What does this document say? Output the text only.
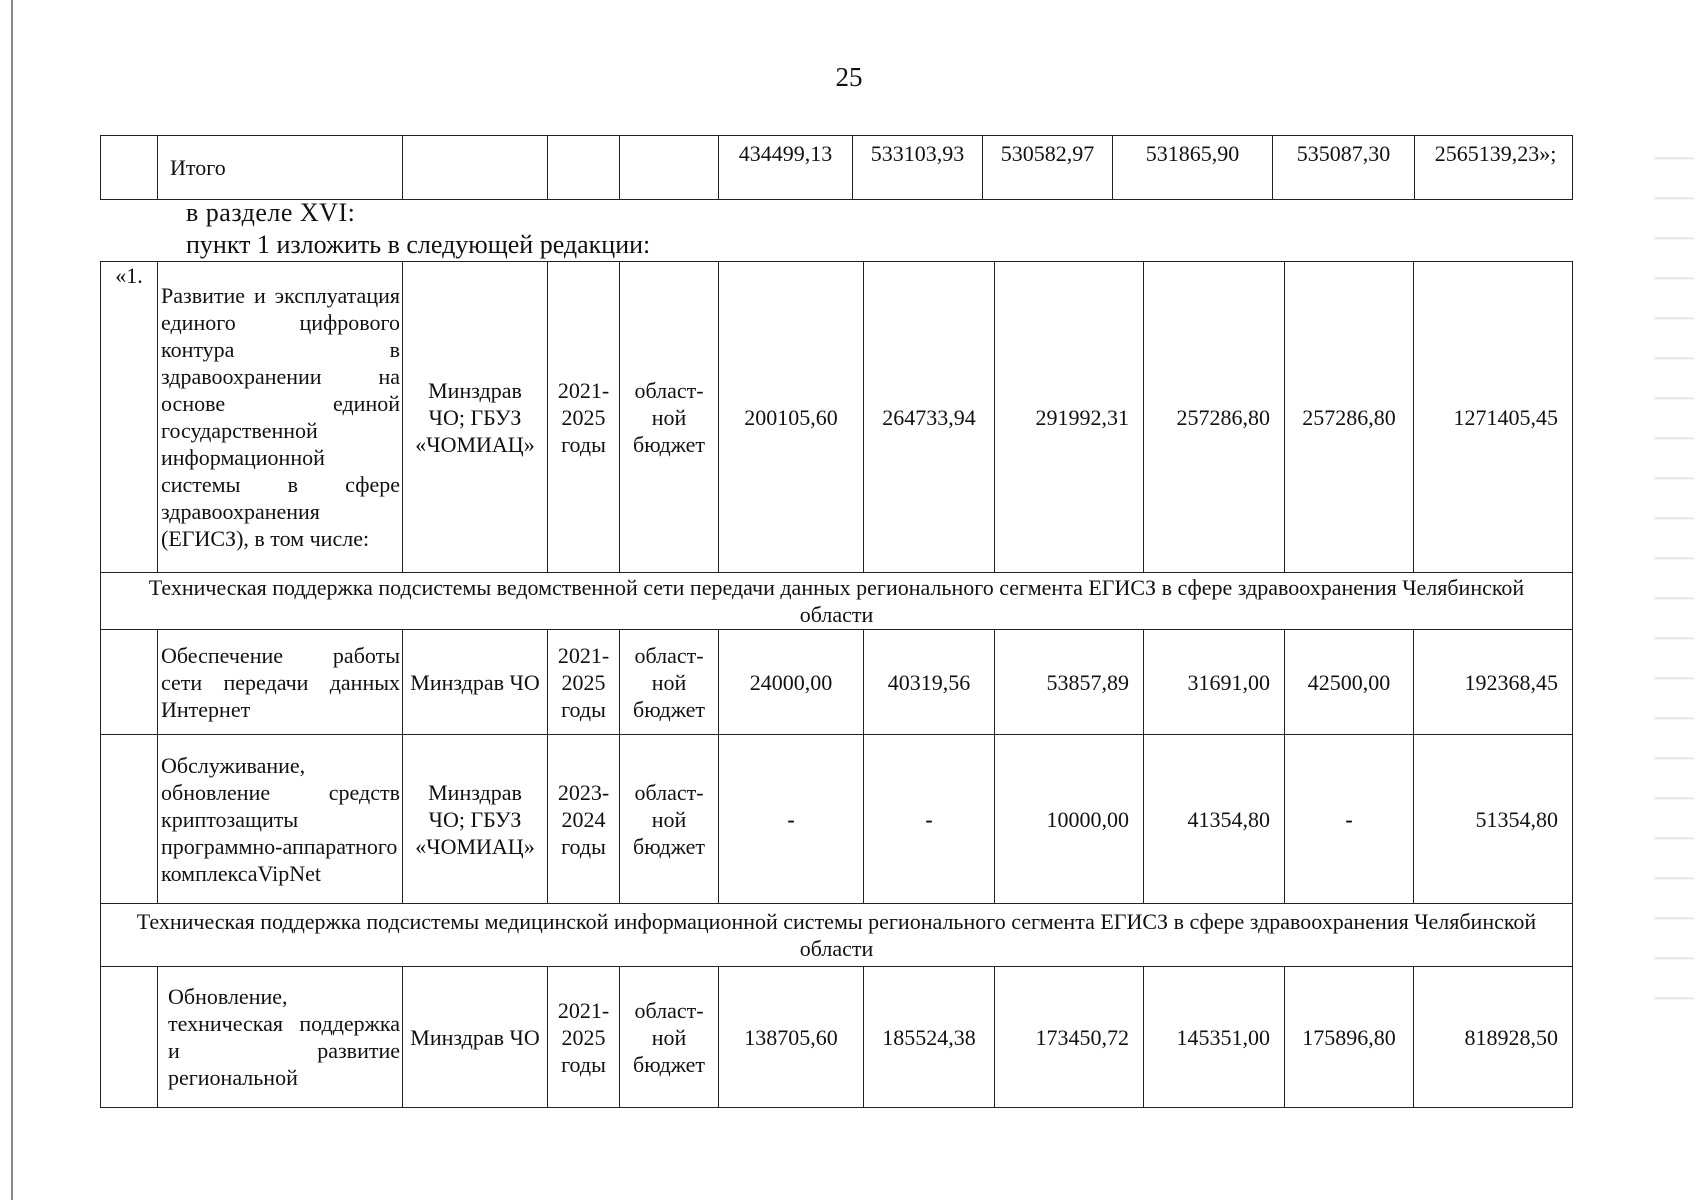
25
	Итого				434499,13	533103,93	530582,97	531865,90	535087,30	2565139,23»;
в разделе XVI:
пункт 1 изложить в следующей редакции:
«1.	Развитие и эксплуатация единого цифрового контура в здравоохранении на основе единой государственной информационной системы в сфере здравоохранения (ЕГИСЗ), в том числе:	Минздрав ЧО; ГБУЗ «ЧОМИАЦ»	2021-2025 годы	област-ной бюджет	200105,60	264733,94	291992,31	257286,80	257286,80	1271405,45
Техническая поддержка подсистемы ведомственной сети передачи данных регионального сегмента ЕГИСЗ в сфере здравоохранения Челябинской области										
	Обеспечение работы сети передачи данных Интернет	Минздрав ЧО	2021-2025 годы	област-ной бюджет	24000,00	40319,56	53857,89	31691,00	42500,00	192368,45
	Обслуживание, обновление средств криптозащиты программно-аппаратного комплексаVipNet	Минздрав ЧО; ГБУЗ «ЧОМИАЦ»	2023-2024 годы	област-ной бюджет	-	-	10000,00	41354,80	-	51354,80
Техническая поддержка подсистемы медицинской информационной системы регионального сегмента ЕГИСЗ в сфере здравоохранения Челябинской области										
	Обновление, техническая поддержка и развитие региональной	Минздрав ЧО	2021-2025 годы	област-ной бюджет	138705,60	185524,38	173450,72	145351,00	175896,80	818928,50
